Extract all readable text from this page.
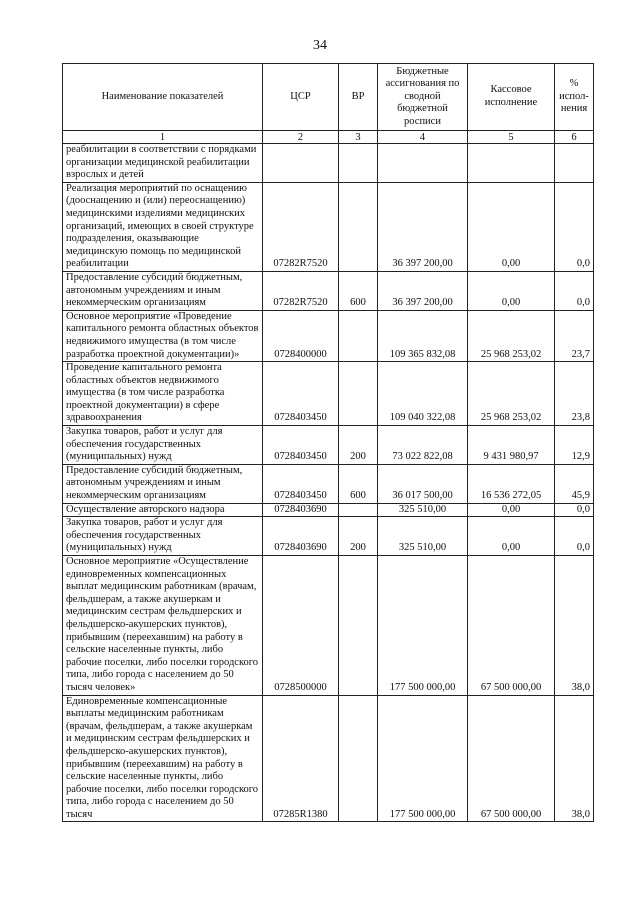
34
Наименование показателей	ЦСР	ВР	Бюджетные ассигнования по сводной бюджетной росписи	Кассовое исполнение	% испол-нения
1	2	3	4	5	6
реабилитации в соответствии с порядками организации медицинской реабилитации взрослых и детей					
Реализация мероприятий по оснащению (дооснащению и (или) переоснащению) медицинскими изделиями медицинских организаций, имеющих в своей структуре подразделения, оказывающие медицинскую помощь по медицинской реабилитации	07282R7520		36 397 200,00	0,00	0,0
Предоставление субсидий бюджетным, автономным учреждениям и иным некоммерческим организациям	07282R7520	600	36 397 200,00	0,00	0,0
Основное мероприятие «Проведение капитального ремонта областных объектов недвижимого имущества (в том числе разработка проектной документации)»	0728400000		109 365 832,08	25 968 253,02	23,7
Проведение капитального ремонта областных объектов недвижимого имущества (в том числе разработка проектной документации) в сфере здравоохранения	0728403450		109 040 322,08	25 968 253,02	23,8
Закупка товаров, работ и услуг для обеспечения государственных (муниципальных) нужд	0728403450	200	73 022 822,08	9 431 980,97	12,9
Предоставление субсидий бюджетным, автономным учреждениям и иным некоммерческим организациям	0728403450	600	36 017 500,00	16 536 272,05	45,9
Осуществление авторского надзора	0728403690		325 510,00	0,00	0,0
Закупка товаров, работ и услуг для обеспечения государственных (муниципальных) нужд	0728403690	200	325 510,00	0,00	0,0
Основное мероприятие «Осуществление единовременных компенсационных выплат медицинским работникам (врачам, фельдшерам, а также акушеркам и медицинским сестрам фельдшерских и фельдшерско-акушерских пунктов), прибывшим (переехавшим) на работу в сельские населенные пункты, либо рабочие поселки, либо поселки городского типа, либо города с населением до 50 тысяч человек»	0728500000		177 500 000,00	67 500 000,00	38,0
Единовременные компенсационные выплаты медицинским работникам (врачам, фельдшерам, а также акушеркам и медицинским сестрам фельдшерских и фельдшерско-акушерских пунктов), прибывшим (переехавшим) на работу в сельские населенные пункты, либо рабочие поселки, либо поселки городского типа, либо города с населением до 50 тысяч	07285R1380		177 500 000,00	67 500 000,00	38,0
